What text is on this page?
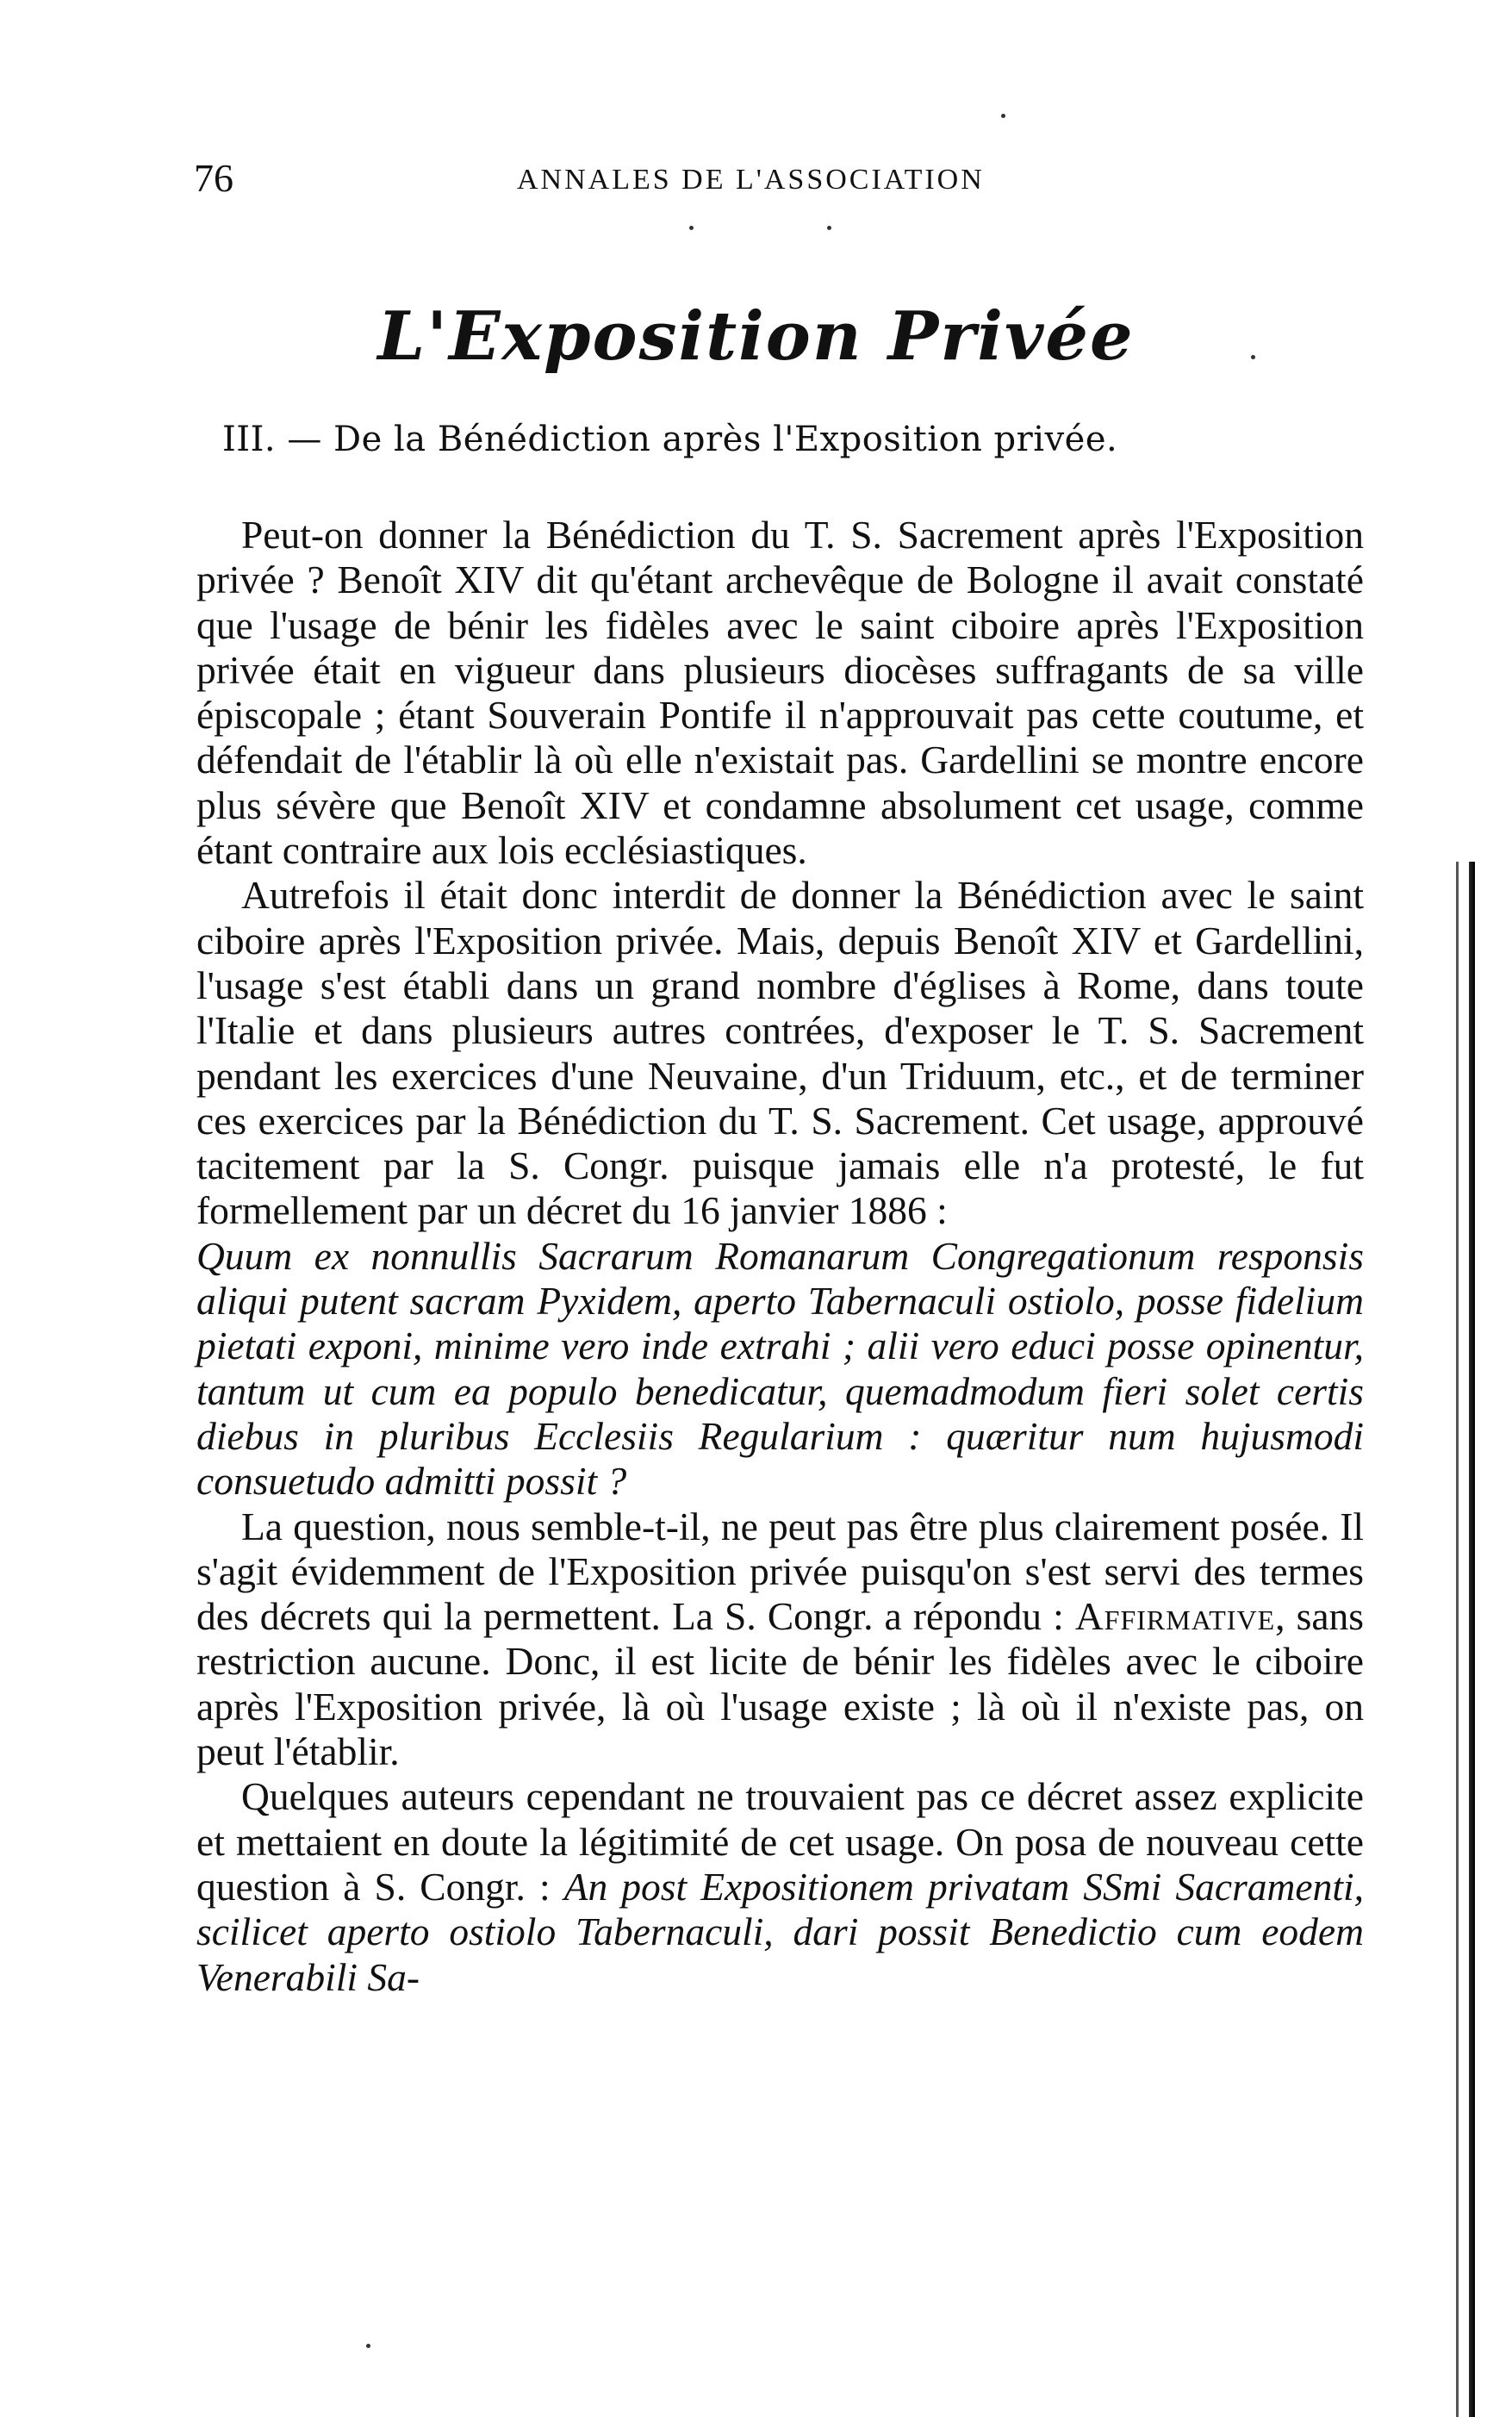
76	ANNALES DE L'ASSOCIATION
L'Exposition Privée
III. — De la Bénédiction après l'Exposition privée.

Peut-on donner la Bénédiction du T. S. Sacrement après l'Exposition privée ? Benoît XIV dit qu'étant archevêque de Bologne il avait constaté que l'usage de bénir les fidèles avec le saint ciboire après l'Exposition privée était en vigueur dans plusieurs diocèses suffragants de sa ville épiscopale ; étant Souverain Pontife il n'approuvait pas cette coutume, et défendait de l'établir là où elle n'existait pas. Gardellini se montre encore plus sévère que Benoît XIV et condamne absolument cet usage, comme étant contraire aux lois ecclésiastiques.

Autrefois il était donc interdit de donner la Bénédiction avec le saint ciboire après l'Exposition privée. Mais, depuis Benoît XIV et Gardellini, l'usage s'est établi dans un grand nombre d'églises à Rome, dans toute l'Italie et dans plusieurs autres contrées, d'exposer le T. S. Sacrement pendant les exercices d'une Neuvaine, d'un Triduum, etc., et de terminer ces exercices par la Bénédiction du T. S. Sacrement. Cet usage, approuvé tacitement par la S. Congr. puisque jamais elle n'a protesté, le fut formellement par un décret du 16 janvier 1886 :

Quum ex nonnullis Sacrarum Romanarum Congregationum responsis aliqui putent sacram Pyxidem, aperto Tabernaculi ostiolo, posse fidelium pietati exponi, minime vero inde extrahi ; alii vero educi posse opinentur, tantum ut cum ea populo benedicatur, quemadmodum fieri solet certis diebus in pluribus Ecclesiis Regularium : quæritur num hujusmodi consuetudo admitti possit ?

La question, nous semble-t-il, ne peut pas être plus clairement posée. Il s'agit évidemment de l'Exposition privée puisqu'on s'est servi des termes des décrets qui la permettent. La S. Congr. a répondu : Affirmative, sans restriction aucune. Donc, il est licite de bénir les fidèles avec le ciboire après l'Exposition privée, là où l'usage existe ; là où il n'existe pas, on peut l'établir.

Quelques auteurs cependant ne trouvaient pas ce décret assez explicite et mettaient en doute la légitimité de cet usage. On posa de nouveau cette question à S. Congr. : An post Expositionem privatam SSmi Sacramenti, scilicet aperto ostiolo Tabernaculi, dari possit Benedictio cum eodem Venerabili Sa-
